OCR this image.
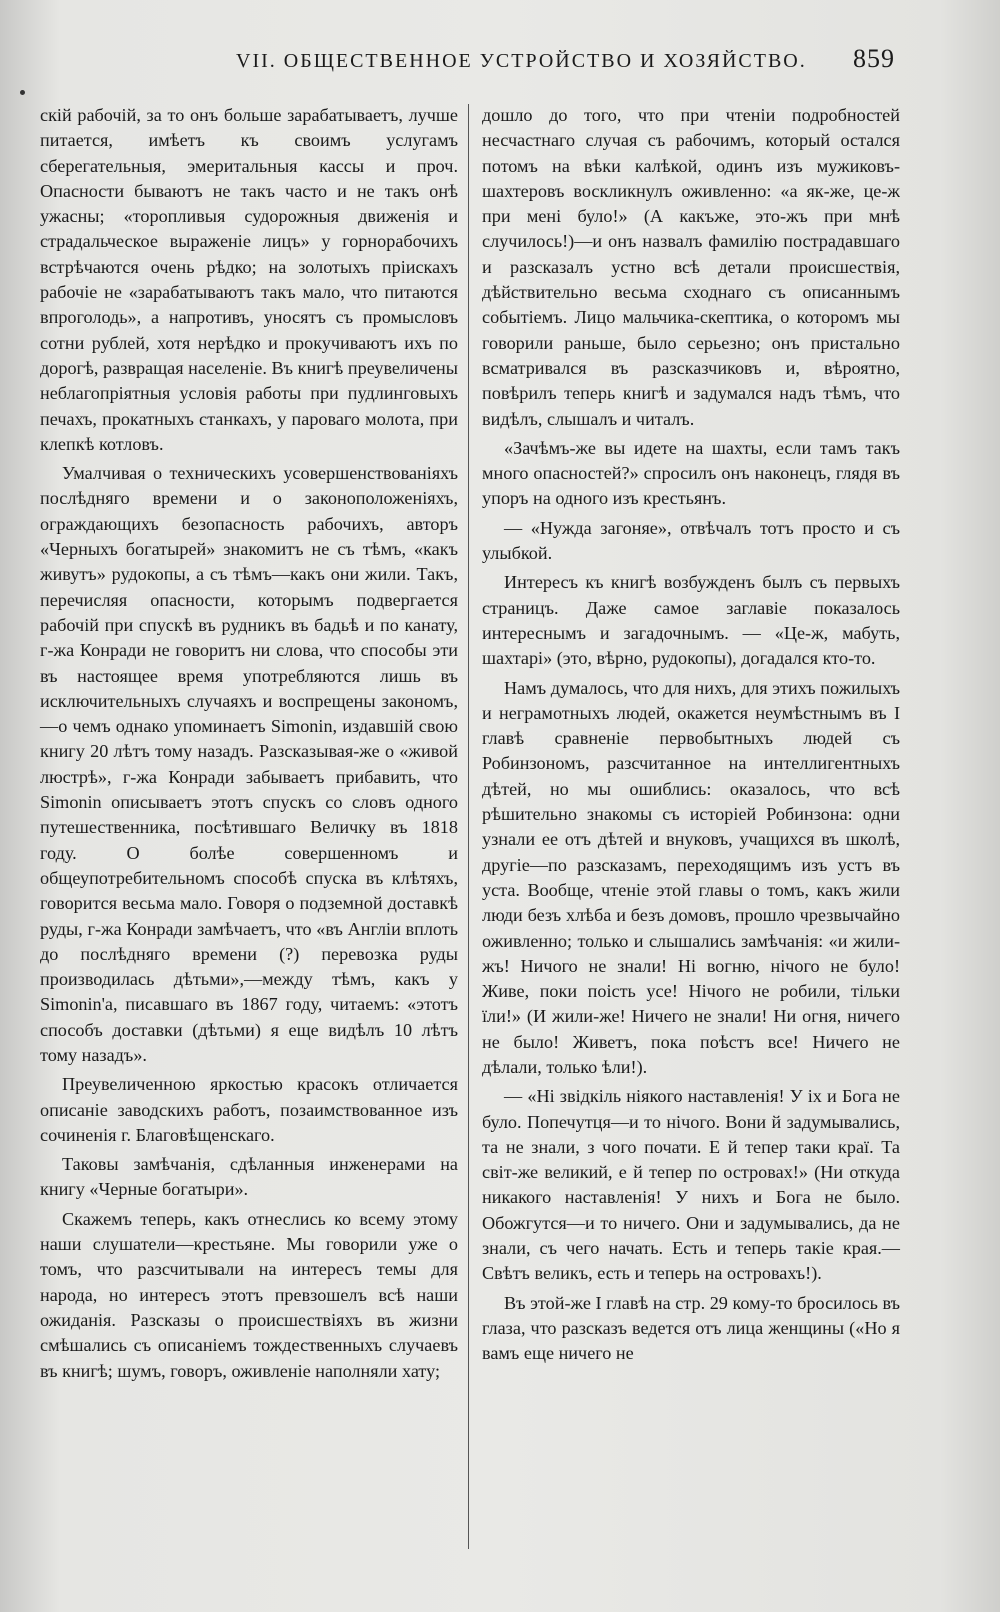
VII. ОБЩЕСТВЕННОЕ УСТРОЙСТВО И ХОЗЯЙСТВО. 859

скій рабочій, за то онъ больше зарабатываетъ, лучше питается, имѣетъ къ своимъ услугамъ сберегательныя, эмеритальныя кассы и проч. Опасности бываютъ не такъ часто и не такъ онѣ ужасны; «торопливыя судорожныя движенія и страдальческое выраженіе лицъ» у горнорабочихъ встрѣчаются очень рѣдко; на золотыхъ пріискахъ рабочіе не «зарабатываютъ такъ мало, что питаются впроголодь», а напротивъ, уносятъ съ промысловъ сотни рублей, хотя нерѣдко и прокучиваютъ ихъ по дорогѣ, развращая населеніе. Въ книгѣ преувеличены неблагопріятныя условія работы при пудлинговыхъ печахъ, прокатныхъ станкахъ, у пароваго молота, при клепкѣ котловъ.

Умалчивая о техническихъ усовершенствованіяхъ послѣдняго времени и о законоположеніяхъ, ограждающихъ безопасность рабочихъ, авторъ «Черныхъ богатырей» знакомитъ не съ тѣмъ, «какъ живутъ» рудокопы, а съ тѣмъ—какъ они жили. Такъ, перечисляя опасности, которымъ подвергается рабочій при спускѣ въ рудникъ въ бадьѣ и по канату, г-жа Конради не говоритъ ни слова, что способы эти въ настоящее время употребляются лишь въ исключительныхъ случаяхъ и воспрещены закономъ,—о чемъ однако упоминаетъ Simonin, издавшій свою книгу 20 лѣтъ тому назадъ. Разсказывая-же о «живой люстрѣ», г-жа Конради забываетъ прибавить, что Simonin описываетъ этотъ спускъ со словъ одного путешественника, посѣтившаго Величку въ 1818 году. О болѣе совершенномъ и общеупотребительномъ способѣ спуска въ клѣтяхъ, говорится весьма мало. Говоря о подземной доставкѣ руды, г-жа Конради замѣчаетъ, что «въ Англіи вплоть до послѣдняго времени (?) перевозка руды производилась дѣтьми»,—между тѣмъ, какъ у Simonin'а, писавшаго въ 1867 году, читаемъ: «этотъ способъ доставки (дѣтьми) я еще видѣлъ 10 лѣтъ тому назадъ».

Преувеличенною яркостью красокъ отличается описаніе заводскихъ работъ, позаимствованное изъ сочиненія г. Благовѣщенскаго.

Таковы замѣчанія, сдѣланныя инженерами на книгу «Черные богатыри».

Скажемъ теперь, какъ отнеслись ко всему этому наши слушатели—крестьяне. Мы говорили уже о томъ, что разсчитывали на интересъ темы для народа, но интересъ этотъ превзошелъ всѣ наши ожиданія. Разсказы о происшествіяхъ въ жизни смѣшались съ описаніемъ тождественныхъ случаевъ въ книгѣ; шумъ, говоръ, оживленіе наполняли хату;

дошло до того, что при чтеніи подробностей несчастнаго случая съ рабочимъ, который остался потомъ на вѣки калѣкой, одинъ изъ мужиковъ-шахтеровъ воскликнулъ оживленно: «а як-же, це-ж при мені було!» (А какъже, это-жъ при мнѣ случилось!)—и онъ назвалъ фамилію пострадавшаго и разсказалъ устно всѣ детали происшествія, дѣйствительно весьма сходнаго съ описаннымъ событіемъ. Лицо мальчика-скептика, о которомъ мы говорили раньше, было серьезно; онъ пристально всматривался въ разсказчиковъ и, вѣроятно, повѣрилъ теперь книгѣ и задумался надъ тѣмъ, что видѣлъ, слышалъ и читалъ.

«Зачѣмъ-же вы идете на шахты, если тамъ такъ много опасностей?» спросилъ онъ наконецъ, глядя въ упоръ на одного изъ крестьянъ.

— «Нужда загоняе», отвѣчалъ тотъ просто и съ улыбкой.

Интересъ къ книгѣ возбужденъ былъ съ первыхъ страницъ. Даже самое заглавіе показалось интереснымъ и загадочнымъ. — «Це-ж, мабуть, шахтарі» (это, вѣрно, рудокопы), догадался кто-то.

Намъ думалось, что для нихъ, для этихъ пожилыхъ и неграмотныхъ людей, окажется неумѣстнымъ въ I главѣ сравненіе первобытныхъ людей съ Робинзономъ, разсчитанное на интеллигентныхъ дѣтей, но мы ошиблись: оказалось, что всѣ рѣшительно знакомы съ исторіей Робинзона: одни узнали ее отъ дѣтей и внуковъ, учащихся въ школѣ, другіе—по разсказамъ, переходящимъ изъ устъ въ уста. Вообще, чтеніе этой главы о томъ, какъ жили люди безъ хлѣба и безъ домовъ, прошло чрезвычайно оживленно; только и слышались замѣчанія: «и жили-жъ! Ничого не знали! Ні вогню, нічого не було! Живе, поки поість усе! Нічого не робили, тільки їли!» (И жили-же! Ничего не знали! Ни огня, ничего не было! Живетъ, пока поѣстъ все! Ничего не дѣлали, только ѣли!).

— «Ні звідкіль ніякого наставленія! У іх и Бога не було. Попечутця—и то нічого. Вони й задумывались, та не знали, з чого почати. Е й тепер таки краї. Та світ-же великий, е й тепер по островах!» (Ни откуда никакого наставленія! У нихъ и Бога не было. Обожгутся—и то ничего. Они и задумывались, да не знали, съ чего начать. Есть и теперь такіе края.—Свѣтъ великъ, есть и теперь на островахъ!).

Въ этой-же I главѣ на стр. 29 кому-то бросилось въ глаза, что разсказъ ведется отъ лица женщины («Но я вамъ еще ничего не
